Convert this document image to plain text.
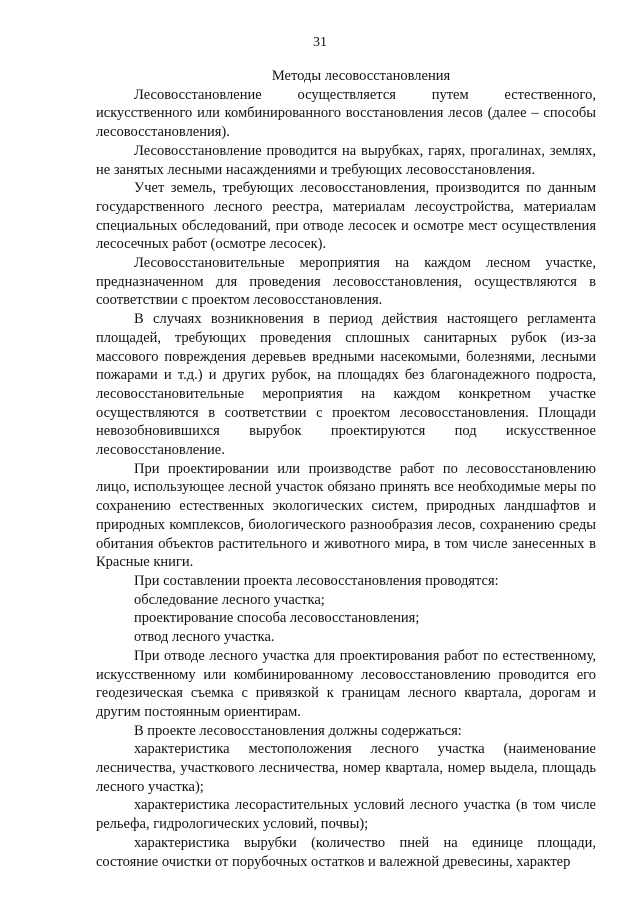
31
Методы лесовосстановления

Лесовосстановление осуществляется путем естественного, искусственного или комбинированного восстановления лесов (далее – способы лесовосстановления).

Лесовосстановление проводится на вырубках, гарях, прогалинах, землях, не занятых лесными насаждениями и требующих лесовосстановления.

Учет земель, требующих лесовосстановления, производится по данным государственного лесного реестра, материалам лесоустройства, материалам специальных обследований, при отводе лесосек и осмотре мест осуществления лесосечных работ (осмотре лесосек).

Лесовосстановительные мероприятия на каждом лесном участке, предназначенном для проведения лесовосстановления, осуществляются в соответствии с проектом лесовосстановления.

В случаях возникновения в период действия настоящего регламента площадей, требующих проведения сплошных санитарных рубок (из-за массового повреждения деревьев вредными насекомыми, болезнями, лесными пожарами и т.д.) и других рубок, на площадях без благонадежного подроста, лесовосстановительные мероприятия на каждом конкретном участке осуществляются в соответствии с проектом лесовосстановления. Площади невозобновившихся вырубок проектируются под искусственное лесовосстановление.

При проектировании или производстве работ по лесовосстановлению лицо, использующее лесной участок обязано принять все необходимые меры по сохранению естественных экологических систем, природных ландшафтов и природных комплексов, биологического разнообразия лесов, сохранению среды обитания объектов растительного и животного мира, в том числе занесенных в Красные книги.

При составлении проекта лесовосстановления проводятся:

обследование лесного участка;

проектирование способа лесовосстановления;

отвод лесного участка.

При отводе лесного участка для проектирования работ по естественному, искусственному или комбинированному лесовосстановлению проводится его геодезическая съемка с привязкой к границам лесного квартала, дорогам и другим постоянным ориентирам.

В проекте лесовосстановления должны содержаться:

характеристика местоположения лесного участка (наименование лесничества, участкового лесничества, номер квартала, номер выдела, площадь лесного участка);

характеристика лесорастительных условий лесного участка (в том числе рельефа, гидрологических условий, почвы);

характеристика вырубки (количество пней на единице площади, состояние очистки от порубочных остатков и валежной древесины, характер
